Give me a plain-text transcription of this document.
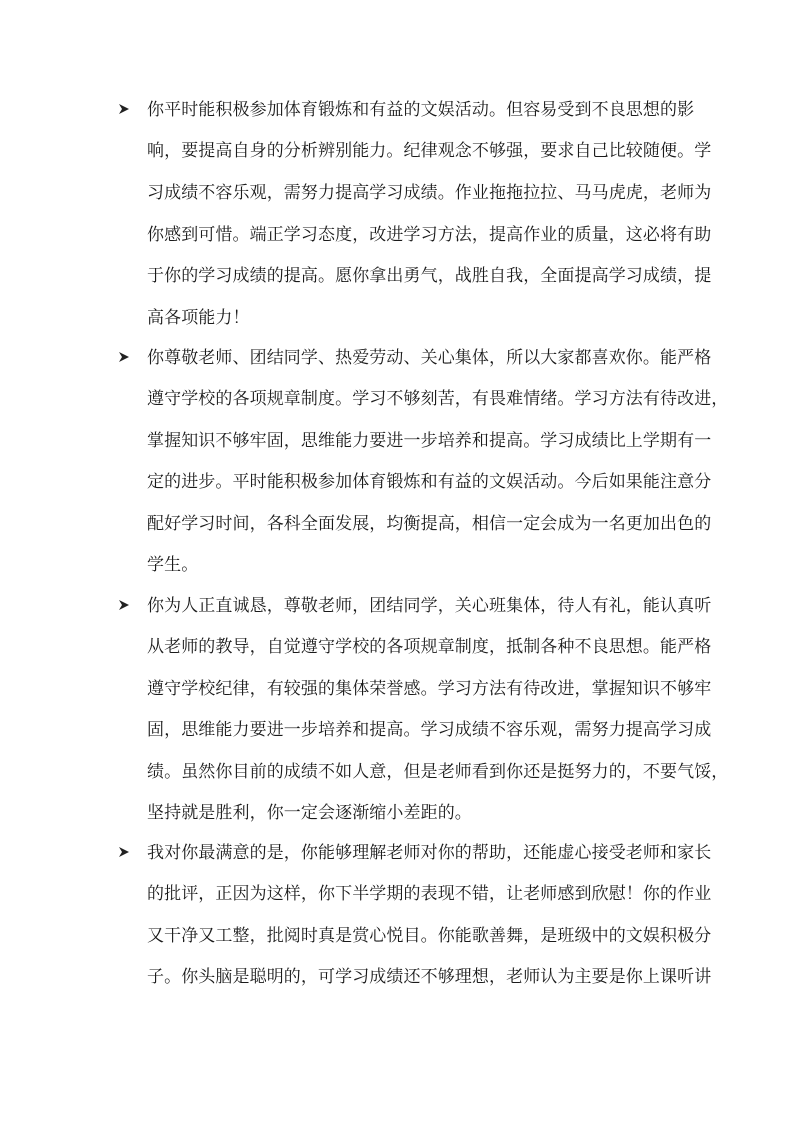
你平时能积极参加体育锻炼和有益的文娱活动。但容易受到不良思想的影
响，要提高自身的分析辨别能力。纪律观念不够强，要求自己比较随便。学
习成绩不容乐观，需努力提高学习成绩。作业拖拖拉拉、马马虎虎，老师为
你感到可惜。端正学习态度，改进学习方法，提高作业的质量，这必将有助
于你的学习成绩的提高。愿你拿出勇气，战胜自我，全面提高学习成绩，提
高各项能力！
你尊敬老师、团结同学、热爱劳动、关心集体，所以大家都喜欢你。能严格
遵守学校的各项规章制度。学习不够刻苦，有畏难情绪。学习方法有待改进，
掌握知识不够牢固，思维能力要进一步培养和提高。学习成绩比上学期有一
定的进步。平时能积极参加体育锻炼和有益的文娱活动。今后如果能注意分
配好学习时间，各科全面发展，均衡提高，相信一定会成为一名更加出色的
学生。
你为人正直诚恳，尊敬老师，团结同学，关心班集体，待人有礼，能认真听
从老师的教导，自觉遵守学校的各项规章制度，抵制各种不良思想。能严格
遵守学校纪律，有较强的集体荣誉感。学习方法有待改进，掌握知识不够牢
固，思维能力要进一步培养和提高。学习成绩不容乐观，需努力提高学习成
绩。虽然你目前的成绩不如人意，但是老师看到你还是挺努力的，不要气馁，
坚持就是胜利，你一定会逐渐缩小差距的。
我对你最满意的是，你能够理解老师对你的帮助，还能虚心接受老师和家长
的批评，正因为这样，你下半学期的表现不错，让老师感到欣慰！你的作业
又干净又工整，批阅时真是赏心悦目。你能歌善舞，是班级中的文娱积极分
子。你头脑是聪明的，可学习成绩还不够理想，老师认为主要是你上课听讲
